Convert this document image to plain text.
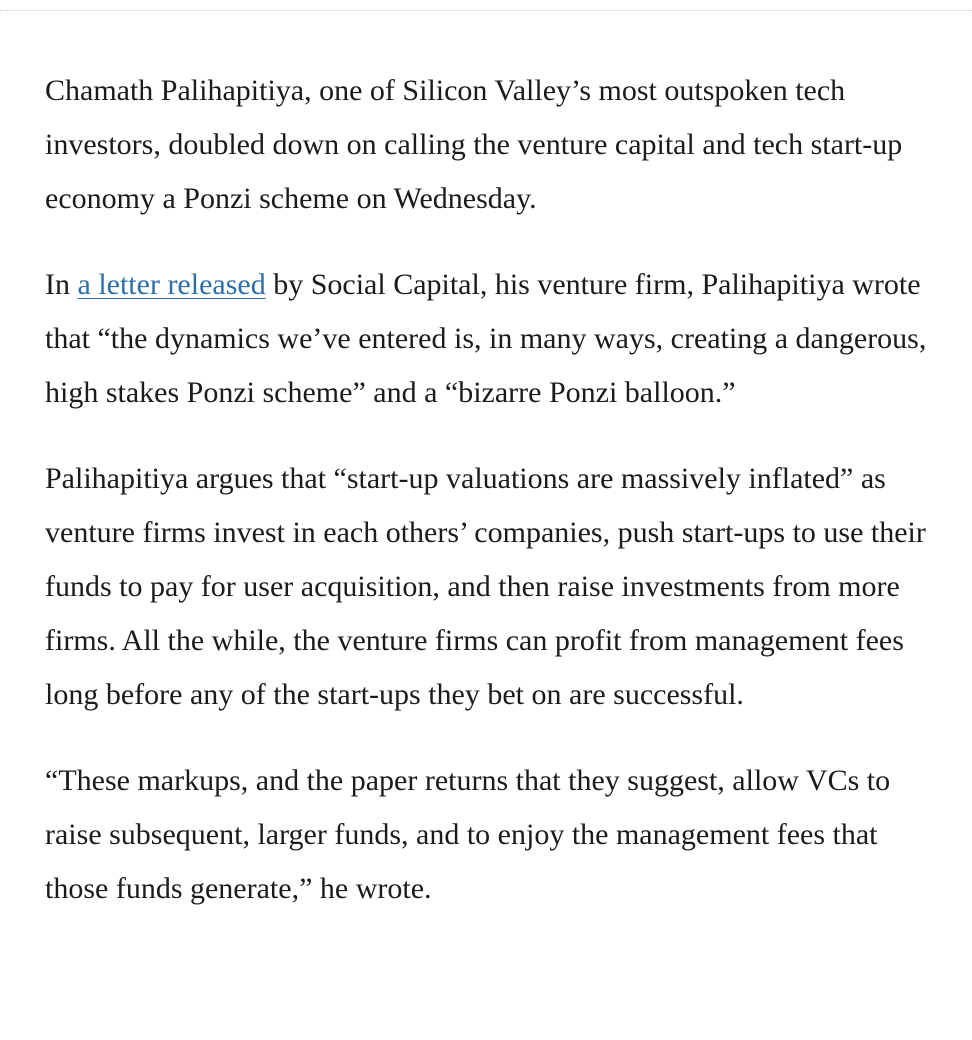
Chamath Palihapitiya, one of Silicon Valley’s most outspoken tech investors, doubled down on calling the venture capital and tech start-up economy a Ponzi scheme on Wednesday.

In a letter released by Social Capital, his venture firm, Palihapitiya wrote that “the dynamics we’ve entered is, in many ways, creating a dangerous, high stakes Ponzi scheme” and a “bizarre Ponzi balloon.”

Palihapitiya argues that “start-up valuations are massively inflated” as venture firms invest in each others’ companies, push start-ups to use their funds to pay for user acquisition, and then raise investments from more firms. All the while, the venture firms can profit from management fees long before any of the start-ups they bet on are successful.

“These markups, and the paper returns that they suggest, allow VCs to raise subsequent, larger funds, and to enjoy the management fees that those funds generate,” he wrote.
